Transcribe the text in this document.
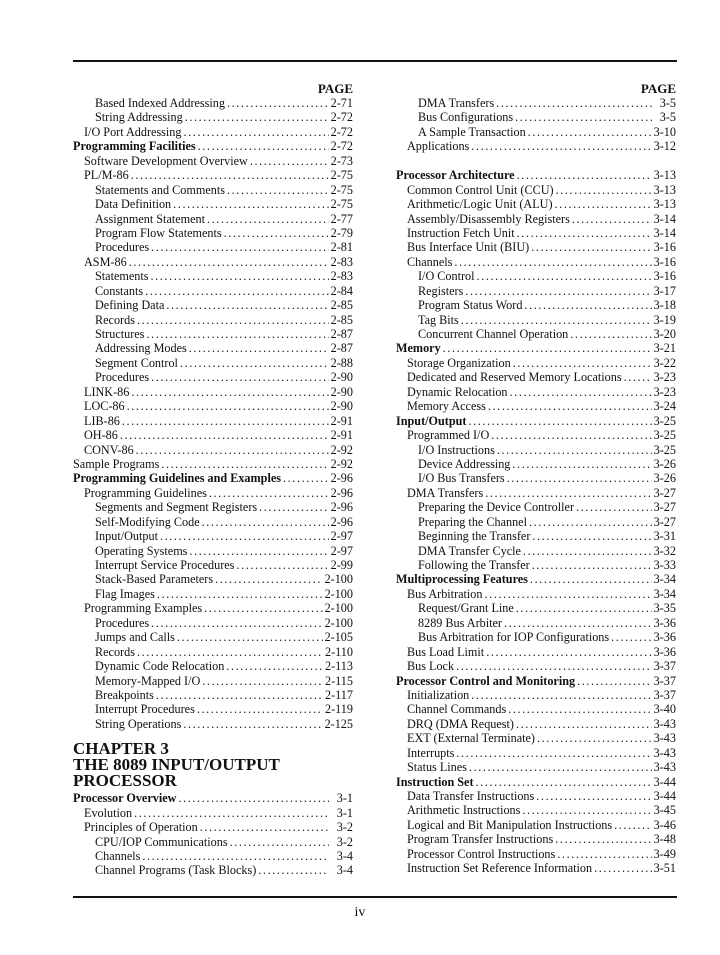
PAGE
Based Indexed Addressing .....	2-71
String Addressing .....	2-72
I/O Port Addressing .....	2-72
Programming Facilities .....	2-72
Software Development Overview .....	2-73
PL/M-86 .....	2-75
Statements and Comments .....	2-75
Data Definition .....	2-75
Assignment Statement .....	2-77
Program Flow Statements .....	2-79
Procedures .....	2-81
ASM-86 .....	2-83
Statements .....	2-83
Constants .....	2-84
Defining Data .....	2-85
Records .....	2-85
Structures .....	2-87
Addressing Modes .....	2-87
Segment Control .....	2-88
Procedures .....	2-90
LINK-86 .....	2-90
LOC-86 .....	2-90
LIB-86 .....	2-91
OH-86 .....	2-91
CONV-86 .....	2-92
Sample Programs .....	2-92
Programming Guidelines and Examples .....	2-96
Programming Guidelines .....	2-96
Segments and Segment Registers .....	2-96
Self-Modifying Code .....	2-96
Input/Output .....	2-97
Operating Systems .....	2-97
Interrupt Service Procedures .....	2-99
Stack-Based Parameters .....	2-100
Flag Images .....	2-100
Programming Examples .....	2-100
Procedures .....	2-100
Jumps and Calls .....	2-105
Records .....	2-110
Dynamic Code Relocation .....	2-113
Memory-Mapped I/O .....	2-115
Breakpoints .....	2-117
Interrupt Procedures .....	2-119
String Operations .....	2-125
CHAPTER 3
THE 8089 INPUT/OUTPUT
PROCESSOR
Processor Overview .....	3-1
Evolution .....	3-1
Principles of Operation .....	3-2
CPU/IOP Communications .....	3-2
Channels .....	3-4
Channel Programs (Task Blocks) .....	3-4
PAGE
DMA Transfers .....	3-5
Bus Configurations .....	3-5
A Sample Transaction .....	3-10
Applications .....	3-12
Processor Architecture .....	3-13
Common Control Unit (CCU) .....	3-13
Arithmetic/Logic Unit (ALU) .....	3-13
Assembly/Disassembly Registers .....	3-14
Instruction Fetch Unit .....	3-14
Bus Interface Unit (BIU) .....	3-16
Channels .....	3-16
I/O Control .....	3-16
Registers .....	3-17
Program Status Word .....	3-18
Tag Bits .....	3-19
Concurrent Channel Operation .....	3-20
Memory .....	3-21
Storage Organization .....	3-22
Dedicated and Reserved Memory Locations .....	3-23
Dynamic Relocation .....	3-23
Memory Access .....	3-24
Input/Output .....	3-25
Programmed I/O .....	3-25
I/O Instructions .....	3-25
Device Addressing .....	3-26
I/O Bus Transfers .....	3-26
DMA Transfers .....	3-27
Preparing the Device Controller .....	3-27
Preparing the Channel .....	3-27
Beginning the Transfer .....	3-31
DMA Transfer Cycle .....	3-32
Following the Transfer .....	3-33
Multiprocessing Features .....	3-34
Bus Arbitration .....	3-34
Request/Grant Line .....	3-35
8289 Bus Arbiter .....	3-36
Bus Arbitration for IOP Configurations .....	3-36
Bus Load Limit .....	3-36
Bus Lock .....	3-37
Processor Control and Monitoring .....	3-37
Initialization .....	3-37
Channel Commands .....	3-40
DRQ (DMA Request) .....	3-43
EXT (External Terminate) .....	3-43
Interrupts .....	3-43
Status Lines .....	3-43
Instruction Set .....	3-44
Data Transfer Instructions .....	3-44
Arithmetic Instructions .....	3-45
Logical and Bit Manipulation Instructions .....	3-46
Program Transfer Instructions .....	3-48
Processor Control Instructions .....	3-49
Instruction Set Reference Information .....	3-51
iv
